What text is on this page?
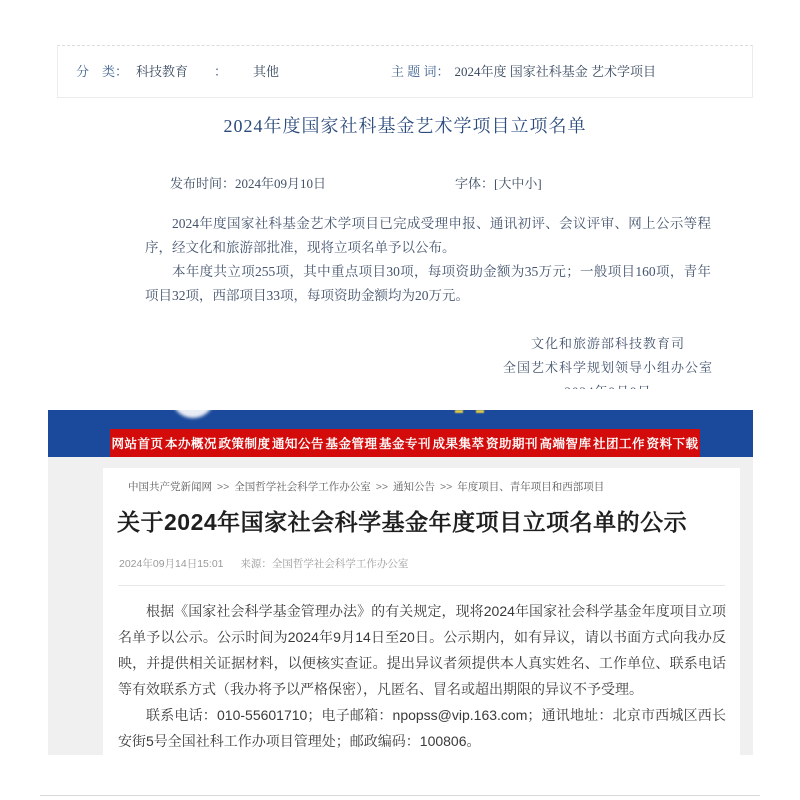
分　类： 科技教育 ： 其他	主 题 词： 2024年度 国家社科基金 艺术学项目
2024年度国家社科基金艺术学项目立项名单
发布时间：2024年09月10日	字体：[大中小]

2024年度国家社科基金艺术学项目已完成受理申报、通讯初评、会议评审、网上公示等程序，经文化和旅游部批准，现将立项名单予以公布。

本年度共立项255项，其中重点项目30项，每项资助金额为35万元；一般项目160项，青年项目32项，西部项目33项，每项资助金额均为20万元。

文化和旅游部科技教育司
全国艺术科学规划领导小组办公室
网站首页 本办概况 政策制度 通知公告 基金管理 基金专刊 成果集萃 资助期刊 高端智库 社团工作 资料下载
中国共产党新闻网 >> 全国哲学社会科学工作办公室 >> 通知公告 >> 年度项目、青年项目和西部项目
关于2024年国家社会科学基金年度项目立项名单的公示
2024年09月14日15:01 来源：全国哲学社会科学工作办公室

根据《国家社会科学基金管理办法》的有关规定，现将2024年国家社会科学基金年度项目立项名单予以公示。公示时间为2024年9月14日至20日。公示期内，如有异议，请以书面方式向我办反映，并提供相关证据材料，以便核实查证。提出异议者须提供本人真实姓名、工作单位、联系电话等有效联系方式（我办将予以严格保密），凡匿名、冒名或超出期限的异议不予受理。

联系电话：010-55601710；电子邮箱：npopss@vip.163.com；通讯地址：北京市西城区西长安街5号全国社科工作办项目管理处；邮政编码：100806。
